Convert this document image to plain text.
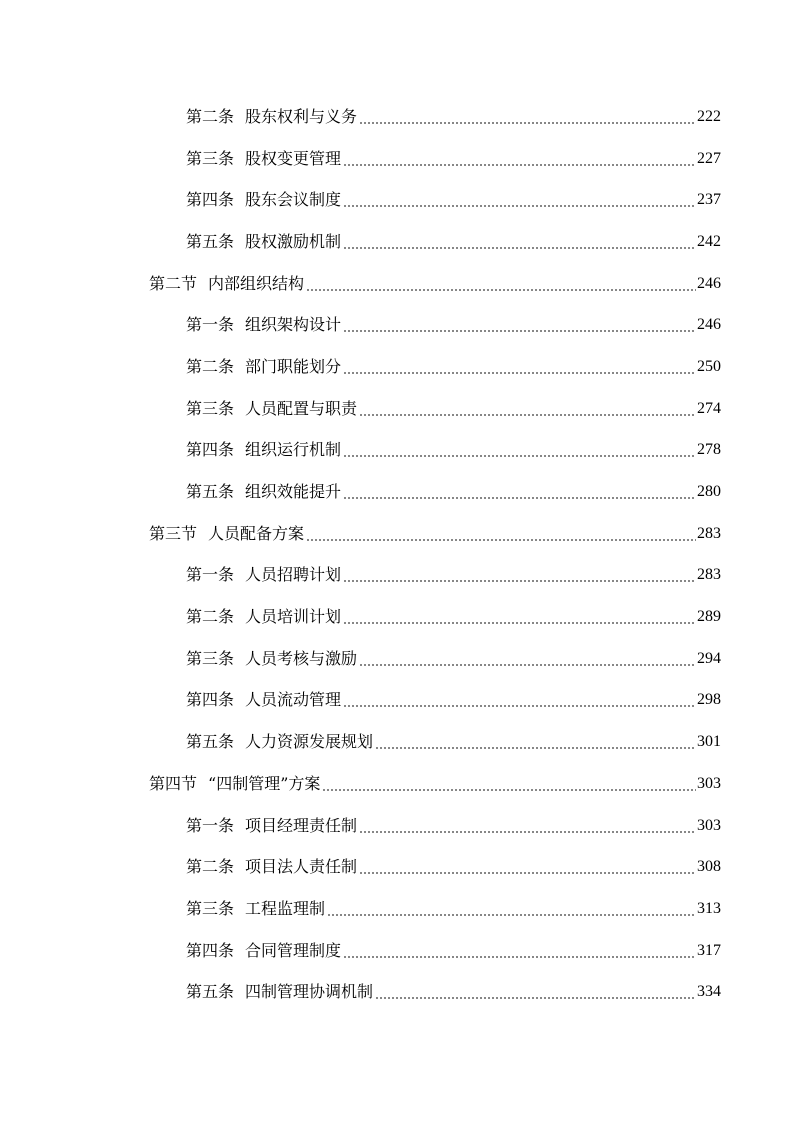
第二条 股东权利与义务	222
第三条 股权变更管理	227
第四条 股东会议制度	237
第五条 股权激励机制	242
第二节 内部组织结构	246
第一条 组织架构设计	246
第二条 部门职能划分	250
第三条 人员配置与职责	274
第四条 组织运行机制	278
第五条 组织效能提升	280
第三节 人员配备方案	283
第一条 人员招聘计划	283
第二条 人员培训计划	289
第三条 人员考核与激励	294
第四条 人员流动管理	298
第五条 人力资源发展规划	301
第四节 “四制管理”方案	303
第一条 项目经理责任制	303
第二条 项目法人责任制	308
第三条 工程监理制	313
第四条 合同管理制度	317
第五条 四制管理协调机制	334
